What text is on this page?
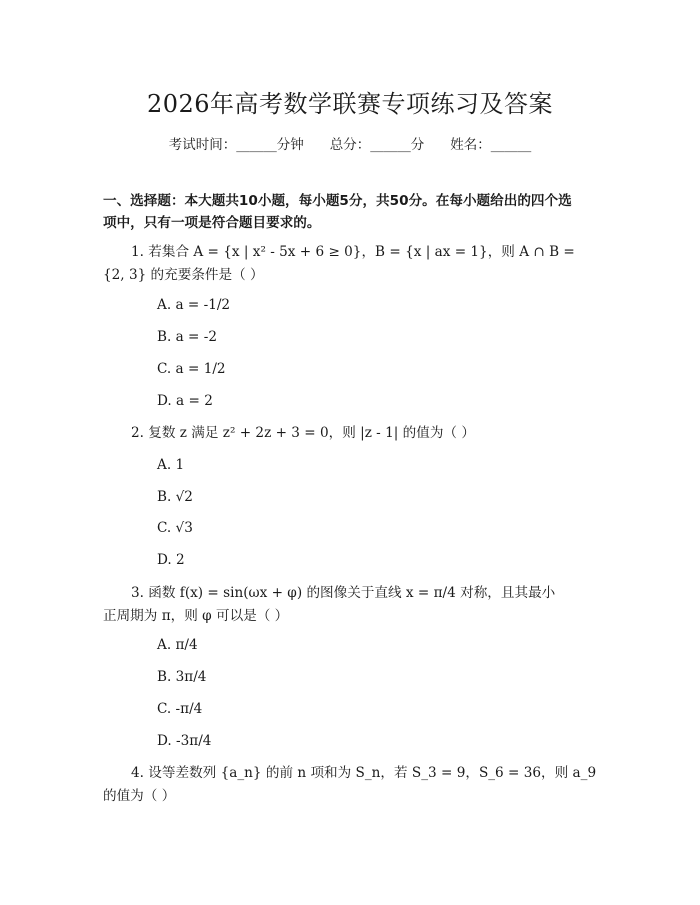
2026年高考数学联赛专项练习及答案
考试时间：______分钟 总分：______分 姓名：______
一、选择题：本大题共10小题，每小题5分，共50分。在每小题给出的四个选
项中，只有一项是符合题目要求的。
1. 若集合 A = {x | x² - 5x + 6 ≥ 0}，B = {x | ax = 1}，则 A ∩ B =
{2, 3} 的充要条件是（ ）
A. a = -1/2
B. a = -2
C. a = 1/2
D. a = 2
2. 复数 z 满足 z² + 2z + 3 = 0，则 |z - 1| 的值为（ ）
A. 1
B. √2
C. √3
D. 2
3. 函数 f(x) = sin(ωx + φ) 的图像关于直线 x = π/4 对称，且其最小
正周期为 π，则 φ 可以是（ ）
A. π/4
B. 3π/4
C. -π/4
D. -3π/4
4. 设等差数列 {a_n} 的前 n 项和为 S_n，若 S_3 = 9，S_6 = 36，则 a_9
的值为（ ）
